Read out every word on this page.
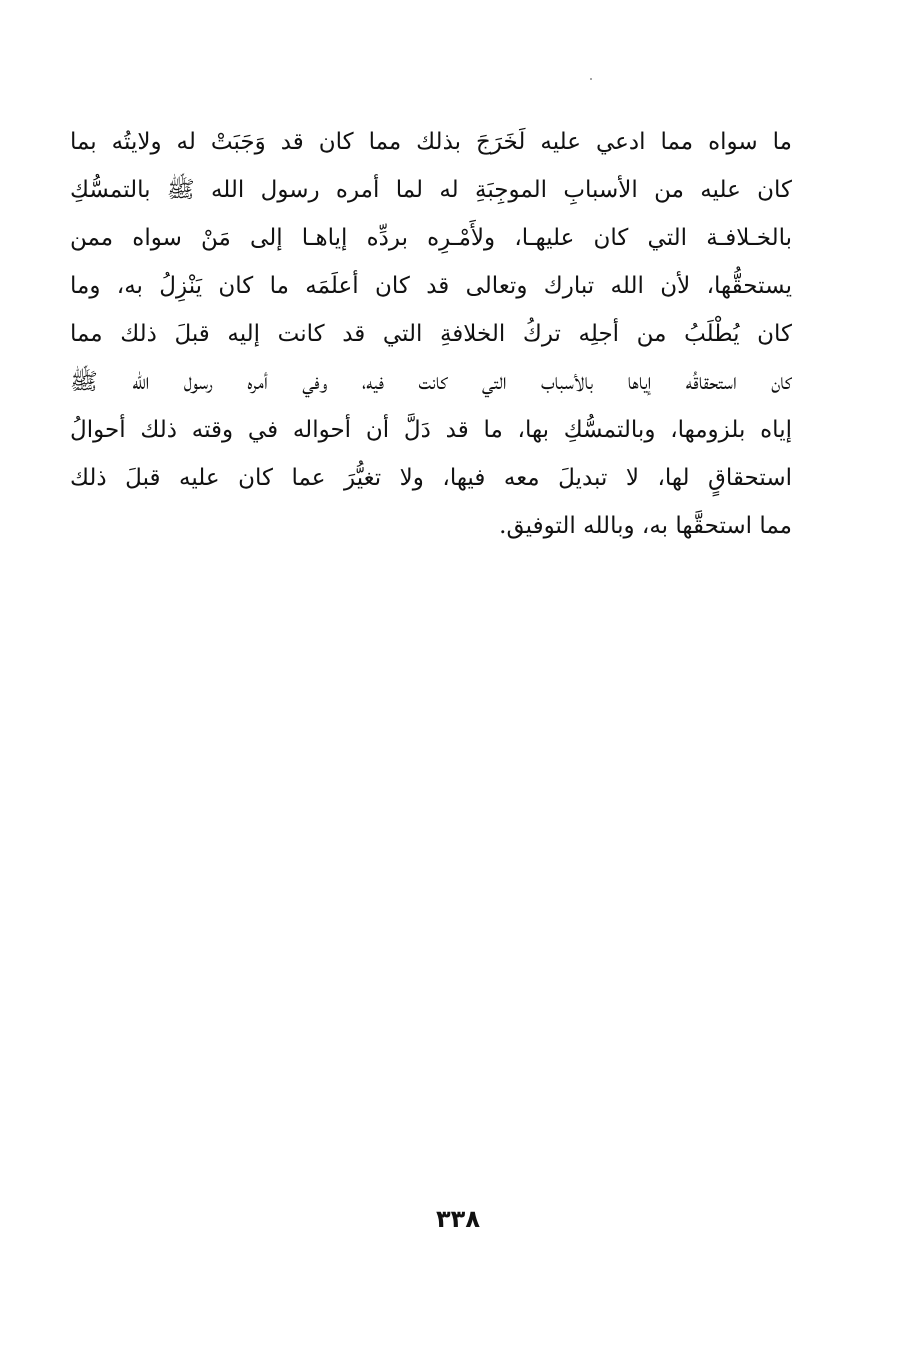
ما سواه مما ادعي عليه لَخَرَجَ بذلك مما كان قد وَجَبَتْ له ولايتُه بما
كان عليه من الأسبابِ الموجِبَةِ له لما أمره رسول الله ﷺ بالتمسُّكِ
بالخـلافـة التي كان عليهـا، ولأَمْـرِه بردِّه إياهـا إلى مَنْ سواه ممن
يستحقُّها، لأن الله تبارك وتعالى قد كان أعلَمَه ما كان يَنْزِلُ به، وما
كان يُطْلَبُ من أجلِه تركُ الخلافةِ التي قد كانت إليه قبلَ ذلك مما
كان استحقاقُه إياها بالأسباب التي كانت فيه، وفي أمره رسول الله ﷺ
إياه بلزومها، وبالتمسُّكِ بها، ما قد دَلَّ أن أحواله في وقته ذلك أحوالُ
استحقاقٍ لها، لا تبديلَ معه فيها، ولا تغيُّرَ عما كان عليه قبلَ ذلك
مما استحقَّها به، وبالله التوفيق.
٣٣٨
